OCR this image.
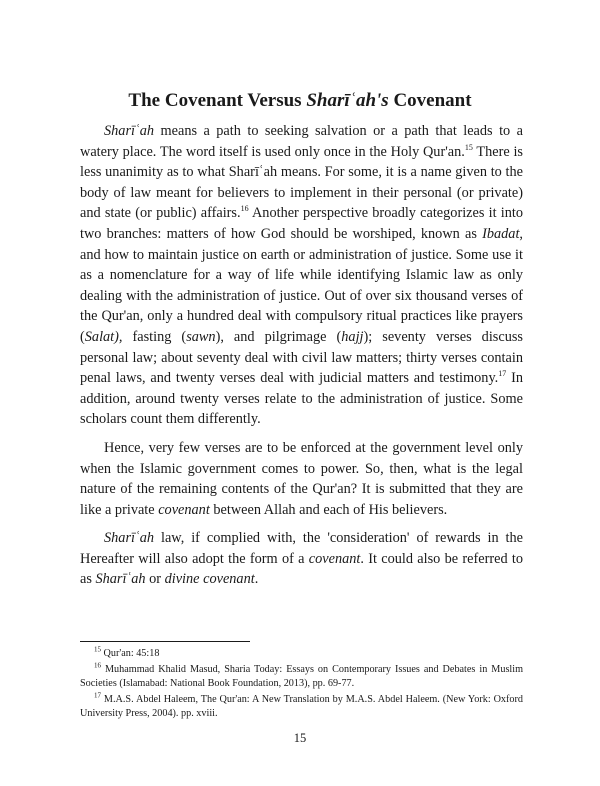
The Covenant Versus Sharīʿah's Covenant

Sharīʿah means a path to seeking salvation or a path that leads to a watery place. The word itself is used only once in the Holy Qur'an.$^{15}$ There is less unanimity as to what Sharīʿah means. For some, it is a name given to the body of law meant for believers to implement in their personal (or private) and state (or public) affairs.$^{16}$ Another perspective broadly categorizes it into two branches: matters of how God should be worshiped, known as Ibadat, and how to maintain justice on earth or administration of justice. Some use it as a nomenclature for a way of life while identifying Islamic law as only dealing with the administration of justice. Out of over six thousand verses of the Qur'an, only a hundred deal with compulsory ritual practices like prayers (Salat), fasting (sawn), and pilgrimage (hajj); seventy verses discuss personal law; about seventy deal with civil law matters; thirty verses contain penal laws, and twenty verses deal with judicial matters and testimony.$^{17}$ In addition, around twenty verses relate to the administration of justice. Some scholars count them differently.

Hence, very few verses are to be enforced at the government level only when the Islamic government comes to power. So, then, what is the legal nature of the remaining contents of the Qur'an? It is submitted that they are like a private covenant between Allah and each of His believers.

Sharīʿah law, if complied with, the 'consideration' of rewards in the Hereafter will also adopt the form of a covenant. It could also be referred to as Sharīʿah or divine covenant.

$^{15}$ Qur'an: 45:18

$^{16}$ Muhammad Khalid Masud, Sharia Today: Essays on Contemporary Issues and Debates in Muslim Societies (Islamabad: National Book Foundation, 2013), pp. 69-77.

$^{17}$ M.A.S. Abdel Haleem, The Qur'an: A New Translation by M.A.S. Abdel Haleem. (New York: Oxford University Press, 2004). pp. xviii.

15
